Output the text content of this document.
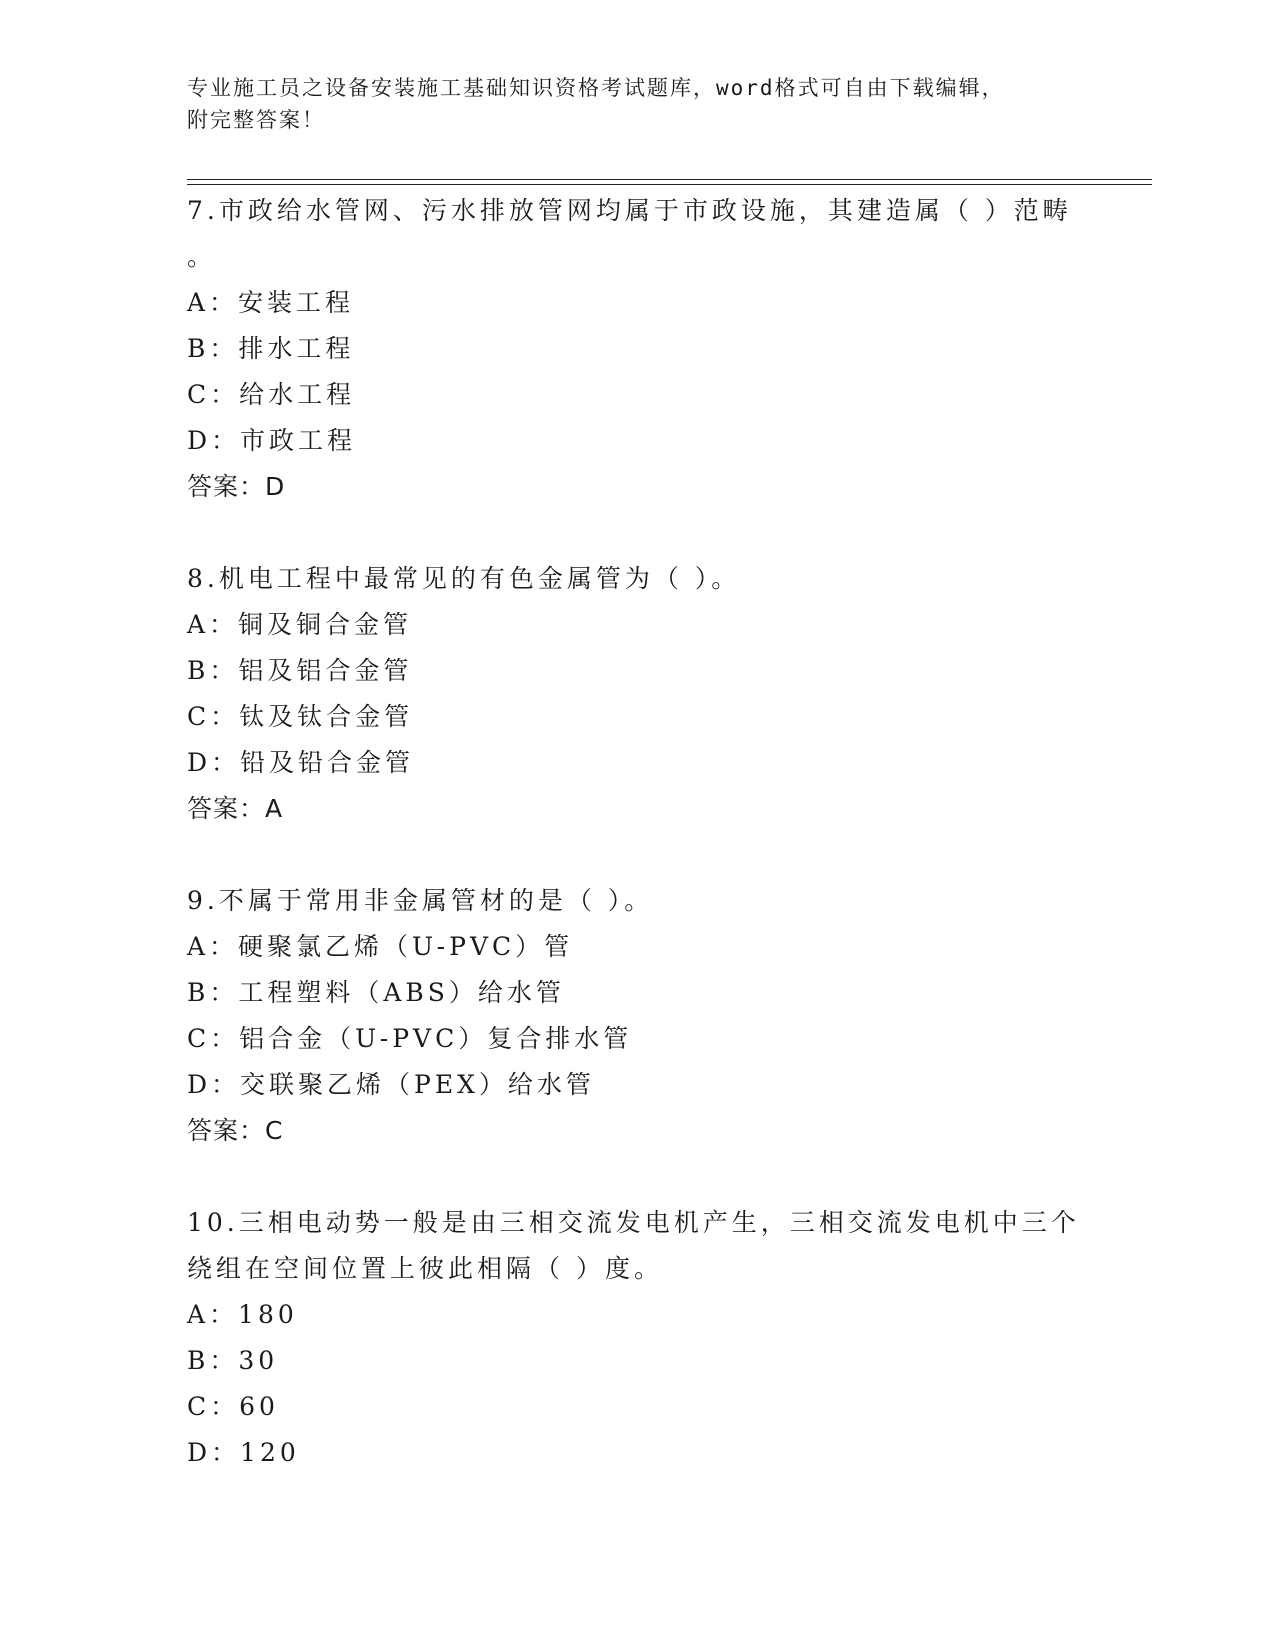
专业施工员之设备安装施工基础知识资格考试题库，word格式可自由下载编辑，
附完整答案！
7.市政给水管网、污水排放管网均属于市政设施，其建造属（ ）范畴
。
A：安装工程
B：排水工程
C：给水工程
D：市政工程
答案：D
8.机电工程中最常见的有色金属管为（ ）。
A：铜及铜合金管
B：铝及铝合金管
C：钛及钛合金管
D：铅及铅合金管
答案：A
9.不属于常用非金属管材的是（ ）。
A：硬聚氯乙烯（U-PVC）管
B：工程塑料（ABS）给水管
C：铝合金（U-PVC）复合排水管
D：交联聚乙烯（PEX）给水管
答案：C
10.三相电动势一般是由三相交流发电机产生，三相交流发电机中三个
绕组在空间位置上彼此相隔（ ）度。
A：180
B：30
C：60
D：120
